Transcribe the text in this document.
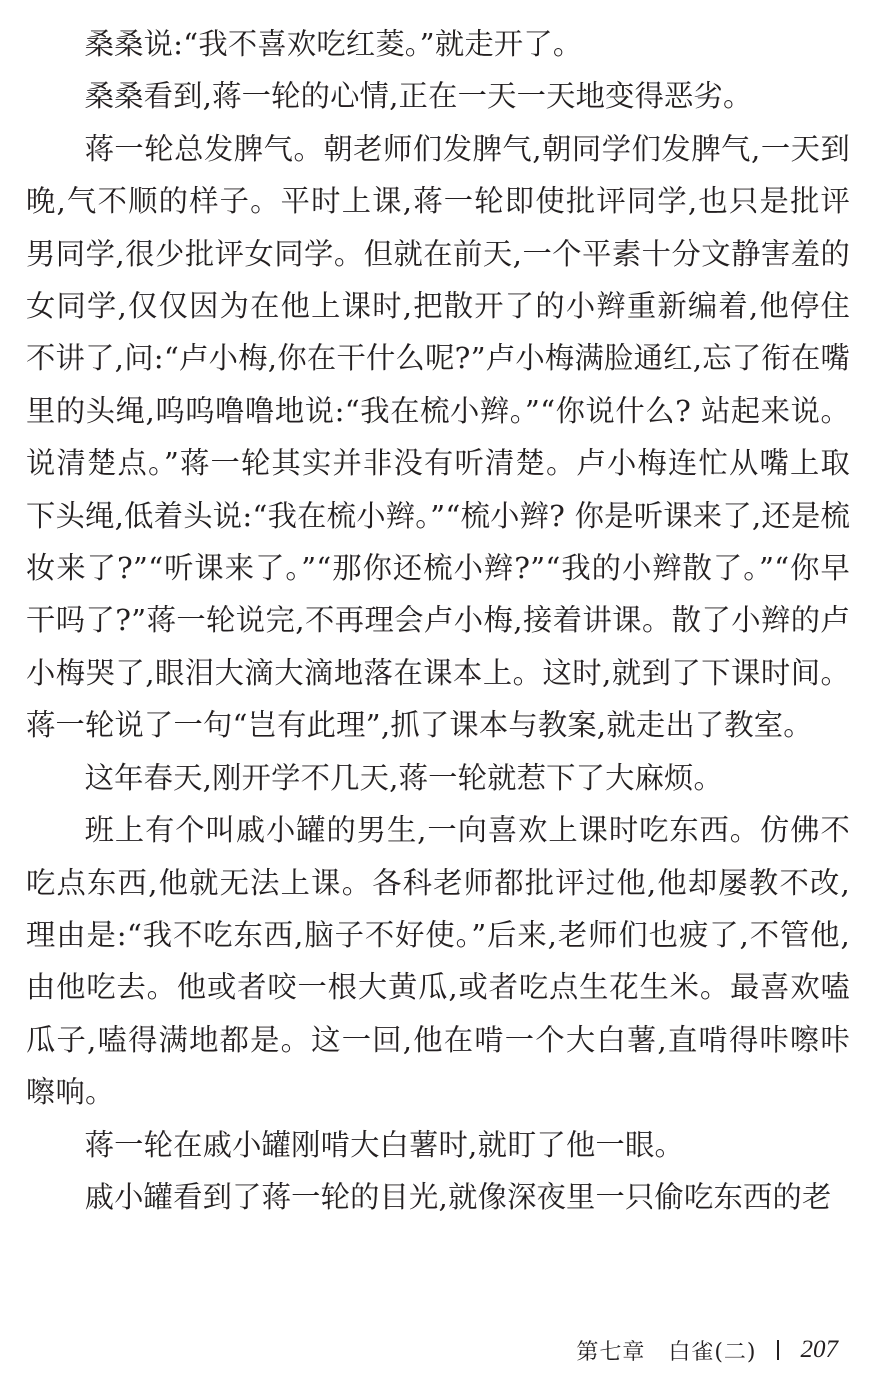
桑桑说:“我不喜欢吃红菱。”就走开了。

桑桑看到,蒋一轮的心情,正在一天一天地变得恶劣。

蒋一轮总发脾气。朝老师们发脾气,朝同学们发脾气,一天到晚,气不顺的样子。平时上课,蒋一轮即使批评同学,也只是批评男同学,很少批评女同学。但就在前天,一个平素十分文静害羞的女同学,仅仅因为在他上课时,把散开了的小辫重新编着,他停住不讲了,问:“卢小梅,你在干什么呢?”卢小梅满脸通红,忘了衔在嘴里的头绳,呜呜噜噜地说:“我在梳小辫。”“你说什么? 站起来说。说清楚点。”蒋一轮其实并非没有听清楚。卢小梅连忙从嘴上取下头绳,低着头说:“我在梳小辫。”“梳小辫? 你是听课来了,还是梳妆来了?”“听课来了。”“那你还梳小辫?”“我的小辫散了。”“你早干吗了?”蒋一轮说完,不再理会卢小梅,接着讲课。散了小辫的卢小梅哭了,眼泪大滴大滴地落在课本上。这时,就到了下课时间。蒋一轮说了一句“岂有此理”,抓了课本与教案,就走出了教室。

这年春天,刚开学不几天,蒋一轮就惹下了大麻烦。

班上有个叫戚小罐的男生,一向喜欢上课时吃东西。仿佛不吃点东西,他就无法上课。各科老师都批评过他,他却屡教不改,理由是:“我不吃东西,脑子不好使。”后来,老师们也疲了,不管他,由他吃去。他或者咬一根大黄瓜,或者吃点生花生米。最喜欢嗑瓜子,嗑得满地都是。这一回,他在啃一个大白薯,直啃得咔嚓咔嚓响。

蒋一轮在戚小罐刚啃大白薯时,就盯了他一眼。

戚小罐看到了蒋一轮的目光,就像深夜里一只偷吃东西的老

第七章　白雀(二) 207
